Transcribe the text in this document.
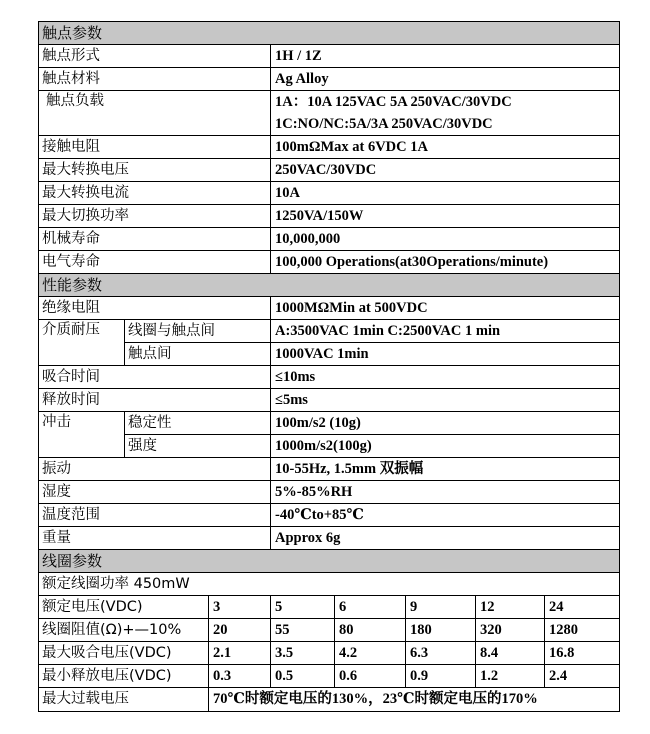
触点参数							
触点形式			1H / 1Z				
触点材料			Ag Alloy				
触点负载			1A：10A 125VAC 5A 250VAC/30VDC				
			1C:NO/NC:5A/3A 250VAC/30VDC				
接触电阻			100mΩMax at 6VDC 1A				
最大转换电压			250VAC/30VDC				
最大转换电流			10A				
最大切换功率			1250VA/150W				
机械寿命			10,000,000				
电气寿命			100,000 Operations(at30Operations/minute)				
性能参数							
绝缘电阻			1000MΩMin at 500VDC				
介质耐压	线圈与触点间		A:3500VAC 1min C:2500VAC 1 min				
	触点间		1000VAC 1min				
吸合时间			≤10ms				
释放时间			≤5ms				
冲击	稳定性		100m/s2 (10g)				
	强度		1000m/s2(100g)				
振动			10-55Hz, 1.5mm 双振幅				
湿度			5%-85%RH				
温度范围			-40℃to+85℃				
重量			Approx 6g				
线圈参数							
额定线圈功率 450mW							
额定电压(VDC)		3	5	6	9	12	24
线圈阻值(Ω)+—10%		20	55	80	180	320	1280
最大吸合电压(VDC)		2.1	3.5	4.2	6.3	8.4	16.8
最小释放电压(VDC)		0.3	0.5	0.6	0.9	1.2	2.4
最大过载电压		70℃时额定电压的130%，23℃时额定电压的170%					
